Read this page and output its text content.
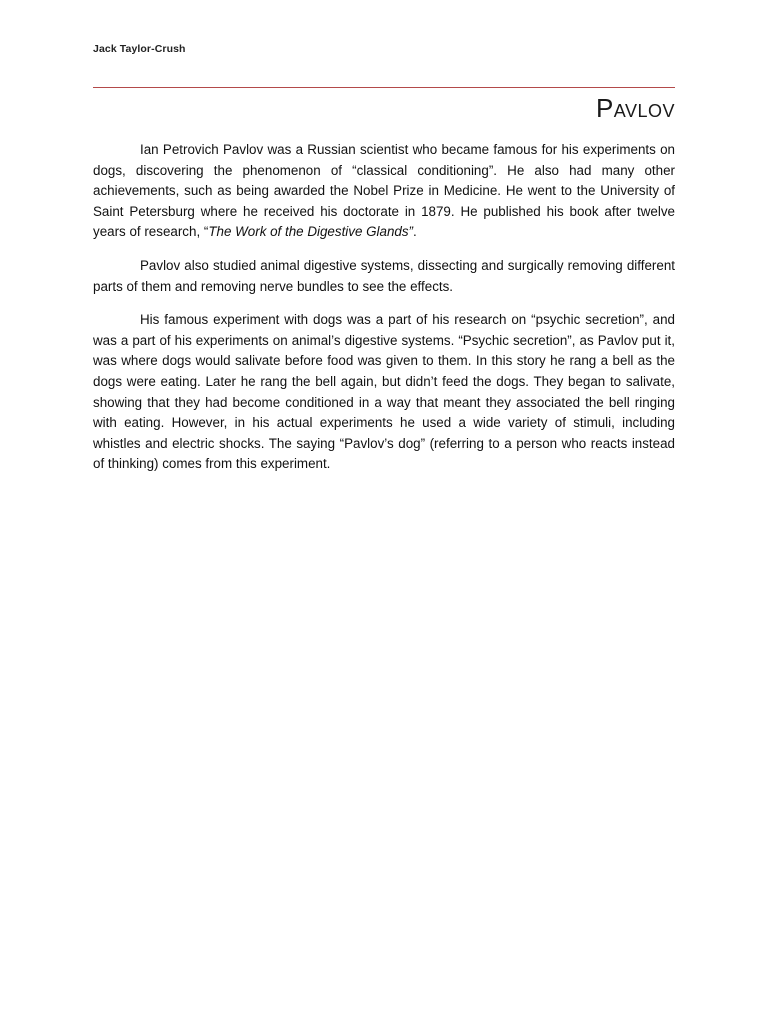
Jack Taylor-Crush
Pavlov

Ian Petrovich Pavlov was a Russian scientist who became famous for his experiments on dogs, discovering the phenomenon of “classical conditioning”. He also had many other achievements, such as being awarded the Nobel Prize in Medicine. He went to the University of Saint Petersburg where he received his doctorate in 1879. He published his book after twelve years of research, “The Work of the Digestive Glands”.

Pavlov also studied animal digestive systems, dissecting and surgically removing different parts of them and removing nerve bundles to see the effects.

His famous experiment with dogs was a part of his research on “psychic secretion”, and was a part of his experiments on animal’s digestive systems. “Psychic secretion”, as Pavlov put it, was where dogs would salivate before food was given to them. In this story he rang a bell as the dogs were eating. Later he rang the bell again, but didn’t feed the dogs. They began to salivate, showing that they had become conditioned in a way that meant they associated the bell ringing with eating. However, in his actual experiments he used a wide variety of stimuli, including whistles and electric shocks. The saying “Pavlov’s dog” (referring to a person who reacts instead of thinking) comes from this experiment.
